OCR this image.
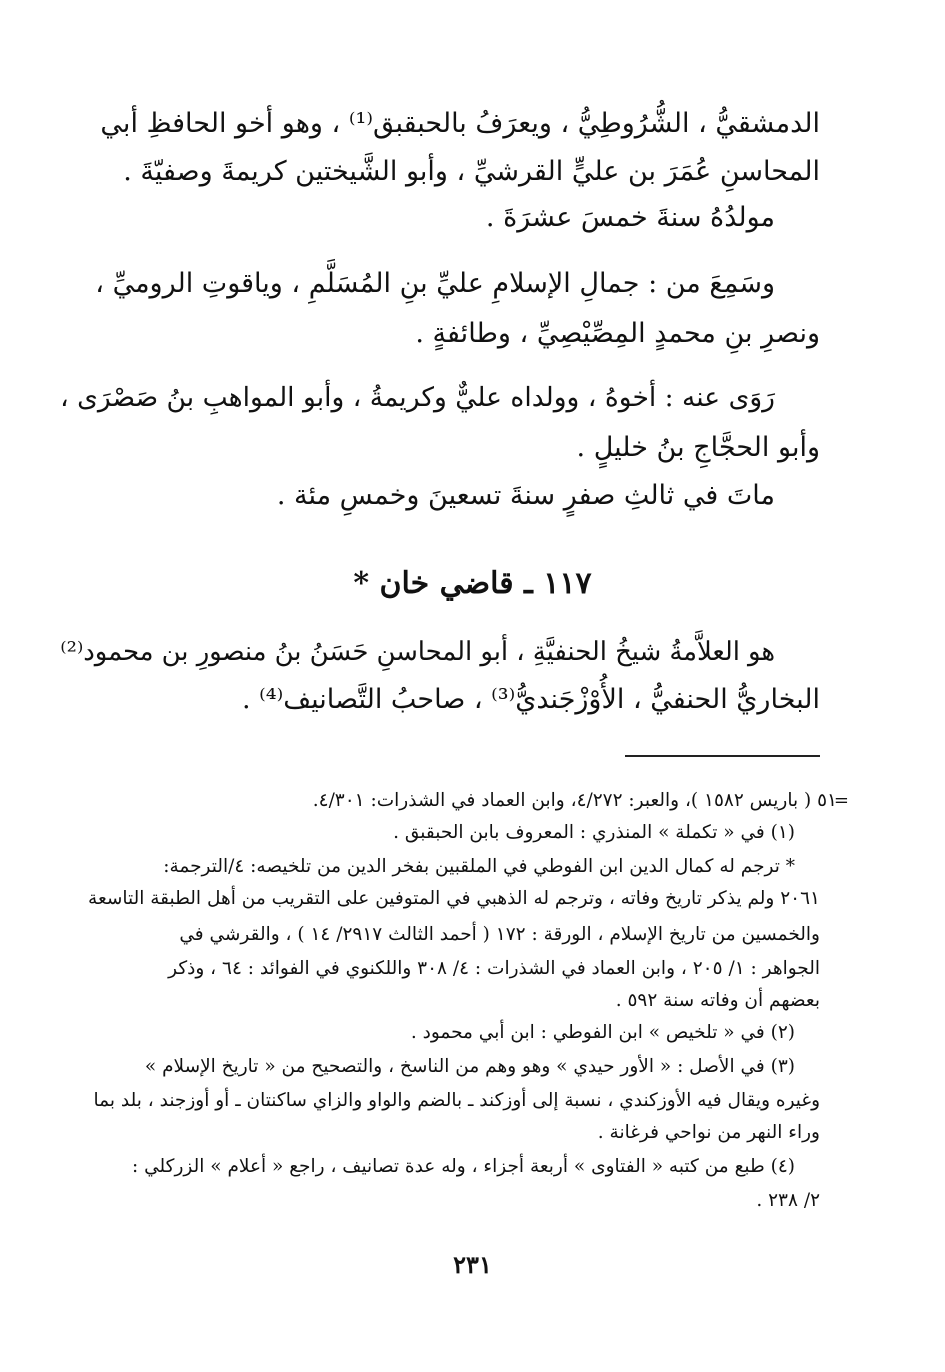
الدمشقيُّ ، الشُّرُوطِيُّ ، ويعرَفُ بالحبقبق⁽¹⁾ ، وهو أخو الحافظِ أبي
المحاسنِ عُمَرَ بن عليٍّ القرشيِّ ، وأبو الشَّيختين كريمةَ وصفيّةَ .
مولدُهُ سنةَ خمسَ عشرَةَ .
وسَمِعَ من : جمالِ الإسلامِ عليِّ بنِ المُسَلَّمِ ، وياقوتِ الروميِّ ،
ونصرِ بنِ محمدٍ المِصِّيْصِيِّ ، وطائفةٍ .
رَوَى عنه : أخوهُ ، وولداه عليٌّ وكريمةُ ، وأبو المواهبِ بنُ صَصْرَى ،
وأبو الحجَّاجِ بنُ خليلٍ .
ماتَ في ثالثِ صفرٍ سنةَ تسعينَ وخمسِ مئة .
١١٧ ـ قاضي خان *
هو العلاَّمةُ شيخُ الحنفيَّةِ ، أبو المحاسنِ حَسَنُ بنُ منصورِ بن محمود⁽²⁾
البخاريُّ الحنفيُّ ، الأُوْزْجَنديُّ⁽³⁾ ، صاحبُ التَّصانيف⁽⁴⁾ .
=
٥١ ( باريس ١٥٨٢ )، والعبر: ٤/٢٧٢، وابن العماد في الشذرات: ٤/٣٠١.
(١) في « تكملة » المنذري : المعروف بابن الحبقبق .
* ترجم له كمال الدين ابن الفوطي في الملقبين بفخر الدين من تلخيصه: ٤/الترجمة:
٢٠٦١ ولم يذكر تاريخ وفاته ، وترجم له الذهبي في المتوفين على التقريب من أهل الطبقة التاسعة
والخمسين من تاريخ الإسلام ، الورقة : ١٧٢ ( أحمد الثالث ٢٩١٧/ ١٤ ) ، والقرشي في
الجواهر : ١/ ٢٠٥ ، وابن العماد في الشذرات : ٤/ ٣٠٨ واللكنوي في الفوائد : ٦٤ ، وذكر
بعضهم أن وفاته سنة ٥٩٢ .
(٢) في « تلخيص » ابن الفوطي : ابن أبي محمود .
(٣) في الأصل : « الأور حيدي » وهو وهم من الناسخ ، والتصحيح من « تاريخ الإسلام »
وغيره ويقال فيه الأوزكندي ، نسبة إلى أوزكند ـ بالضم والواو والزاي ساكنتان ـ أو أوزجند ، بلد بما
وراء النهر من نواحي فرغانة .
(٤) طبع من كتبه « الفتاوى » أربعة أجزاء ، وله عدة تصانيف ، راجع « أعلام » الزركلي :
٢/ ٢٣٨ .
٢٣١
